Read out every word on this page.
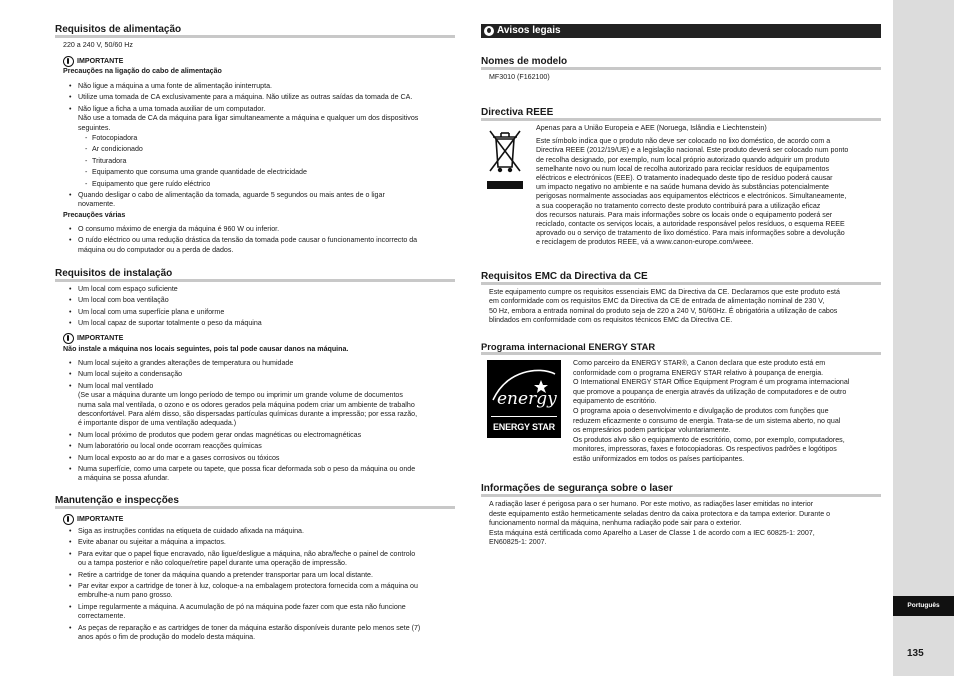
Requisitos de alimentação
220 a 240 V, 50/60 Hz
IMPORTANTE
Precauções na ligação do cabo de alimentação
• Não ligue a máquina a uma fonte de alimentação ininterrupta.
• Utilize uma tomada de CA exclusivamente para a máquina. Não utilize as outras saídas da tomada de CA.
• Não ligue a ficha a uma tomada auxiliar de um computador.
Não use a tomada de CA da máquina para ligar simultaneamente a máquina e qualquer um dos dispositivos
seguintes.
- Fotocopiadora
- Ar condicionado
- Trituradora
- Equipamento que consuma uma grande quantidade de electricidade
- Equipamento que gere ruído eléctrico
• Quando desligar o cabo de alimentação da tomada, aguarde 5 segundos ou mais antes de o ligar
novamente.
Precauções várias
• O consumo máximo de energia da máquina é 960 W ou inferior.
• O ruído eléctrico ou uma redução drástica da tensão da tomada pode causar o funcionamento incorrecto da
máquina ou do computador ou a perda de dados.
Requisitos de instalação
• Um local com espaço suficiente
• Um local com boa ventilação
• Um local com uma superfície plana e uniforme
• Um local capaz de suportar totalmente o peso da máquina
IMPORTANTE
Não instale a máquina nos locais seguintes, pois tal pode causar danos na máquina.
• Num local sujeito a grandes alterações de temperatura ou humidade
• Num local sujeito a condensação
• Num local mal ventilado
(Se usar a máquina durante um longo período de tempo ou imprimir um grande volume de documentos
numa sala mal ventilada, o ozono e os odores gerados pela máquina podem criar um ambiente de trabalho
desconfortável. Para além disso, são dispersadas partículas químicas durante a impressão; por essa razão,
é importante dispor de uma ventilação adequada.)
• Num local próximo de produtos que podem gerar ondas magnéticas ou electromagnéticas
• Num laboratório ou local onde ocorram reacções químicas
• Num local exposto ao ar do mar e a gases corrosivos ou tóxicos
• Numa superfície, como uma carpete ou tapete, que possa ficar deformada sob o peso da máquina ou onde
a máquina se possa afundar.
Manutenção e inspecções
IMPORTANTE
• Siga as instruções contidas na etiqueta de cuidado afixada na máquina.
• Evite abanar ou sujeitar a máquina a impactos.
• Para evitar que o papel fique encravado, não ligue/desligue a máquina, não abra/feche o painel de controlo
ou a tampa posterior e não coloque/retire papel durante uma operação de impressão.
• Retire a cartridge de toner da máquina quando a pretender transportar para um local distante.
• Par evitar expor a cartridge de toner à luz, coloque-a na embalagem protectora fornecida com a máquina ou
embrulhe-a num pano grosso.
• Limpe regularmente a máquina. A acumulação de pó na máquina pode fazer com que esta não funcione
correctamente.
• As peças de reparação e as cartridges de toner da máquina estarão disponíveis durante pelo menos sete (7)
anos após o fim de produção do modelo desta máquina.
Avisos legais
Nomes de modelo
MF3010 (F162100)
Directiva REEE
Apenas para a União Europeia e AEE (Noruega, Islândia e Liechtenstein)
Este símbolo indica que o produto não deve ser colocado no lixo doméstico, de acordo com a
Directiva REEE (2012/19/UE) e a legislação nacional. Este produto deverá ser colocado num ponto
de recolha designado, por exemplo, num local próprio autorizado quando adquirir um produto
semelhante novo ou num local de recolha autorizado para reciclar resíduos de equipamentos
eléctricos e electrónicos (EEE). O tratamento inadequado deste tipo de resíduo poderá causar
um impacto negativo no ambiente e na saúde humana devido às substâncias potencialmente
perigosas normalmente associadas aos equipamentos eléctricos e electrónicos. Simultaneamente,
a sua cooperação no tratamento correcto deste produto contribuirá para a utilização eficaz
dos recursos naturais. Para mais informações sobre os locais onde o equipamento poderá ser
reciclado, contacte os serviços locais, a autoridade responsável pelos resíduos, o esquema REEE
aprovado ou o serviço de tratamento de lixo doméstico. Para mais informações sobre a devolução
e reciclagem de produtos REEE, vá a www.canon-europe.com/weee.
Requisitos EMC da Directiva da CE
Este equipamento cumpre os requisitos essenciais EMC da Directiva da CE. Declaramos que este produto está
em conformidade com os requisitos EMC da Directiva da CE de entrada de alimentação nominal de 230 V,
50 Hz, embora a entrada nominal do produto seja de 220 a 240 V, 50/60Hz. É obrigatória a utilização de cabos
blindados em conformidade com os requisitos técnicos EMC da Directiva CE.
Programa internacional ENERGY STAR
energy
ENERGY STAR
Como parceiro da ENERGY STAR®, a Canon declara que este produto está em
conformidade com o programa ENERGY STAR relativo à poupança de energia.
O International ENERGY STAR Office Equipment Program é um programa internacional
que promove a poupança de energia através da utilização de computadores e de outro
equipamento de escritório.
O programa apoia o desenvolvimento e divulgação de produtos com funções que
reduzem eficazmente o consumo de energia. Trata-se de um sistema aberto, no qual
os empresários podem participar voluntariamente.
Os produtos alvo são o equipamento de escritório, como, por exemplo, computadores,
monitores, impressoras, faxes e fotocopiadoras. Os respectivos padrões e logótipos
estão uniformizados em todos os países participantes.
Informações de segurança sobre o laser
A radiação laser é perigosa para o ser humano. Por este motivo, as radiações laser emitidas no interior
deste equipamento estão hermeticamente seladas dentro da caixa protectora e da tampa exterior. Durante o
funcionamento normal da máquina, nenhuma radiação pode sair para o exterior.
Esta máquina está certificada como Aparelho a Laser de Classe 1 de acordo com a IEC 60825-1: 2007,
EN60825-1: 2007.
Português
135
